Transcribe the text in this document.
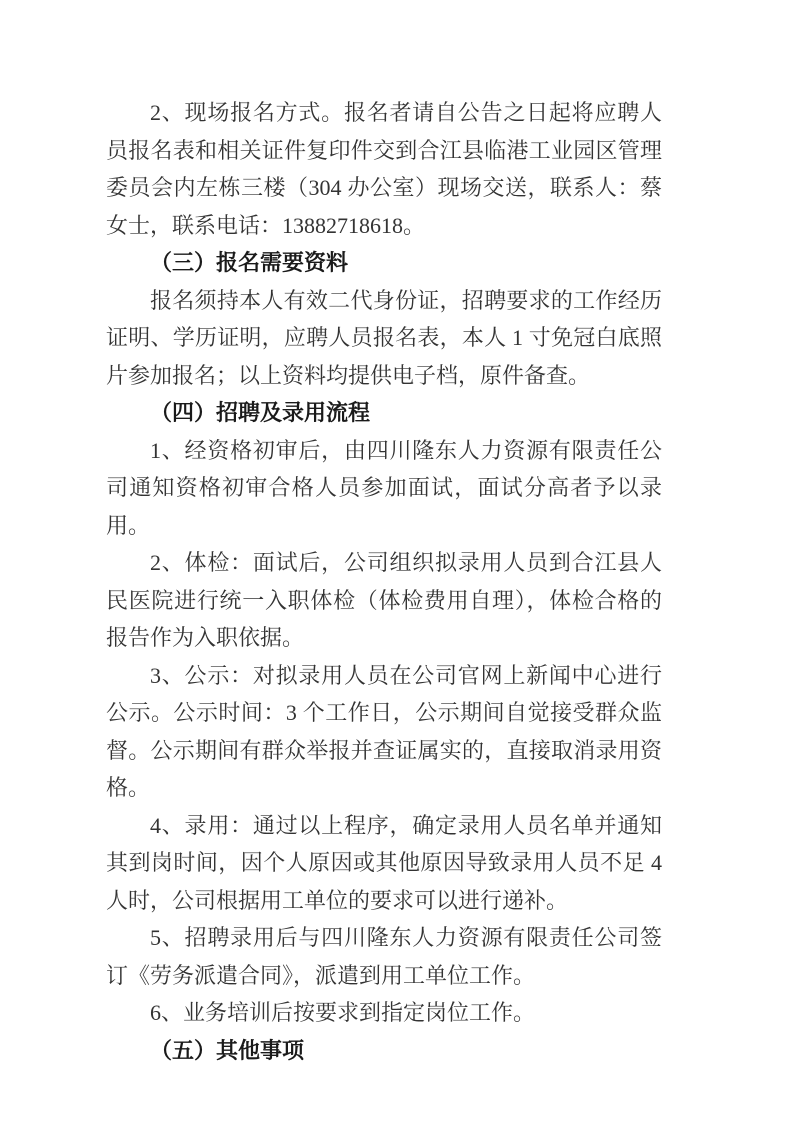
2、现场报名方式。报名者请自公告之日起将应聘人员报名表和相关证件复印件交到合江县临港工业园区管理委员会内左栋三楼（304 办公室）现场交送，联系人：蔡女士，联系电话：13882718618。

（三）报名需要资料

报名须持本人有效二代身份证，招聘要求的工作经历证明、学历证明，应聘人员报名表，本人 1 寸免冠白底照片参加报名；以上资料均提供电子档，原件备查。

（四）招聘及录用流程

1、经资格初审后，由四川隆东人力资源有限责任公司通知资格初审合格人员参加面试，面试分高者予以录用。

2、体检：面试后，公司组织拟录用人员到合江县人民医院进行统一入职体检（体检费用自理），体检合格的报告作为入职依据。

3、公示：对拟录用人员在公司官网上新闻中心进行公示。公示时间：3 个工作日，公示期间自觉接受群众监督。公示期间有群众举报并查证属实的，直接取消录用资格。

4、录用：通过以上程序，确定录用人员名单并通知其到岗时间，因个人原因或其他原因导致录用人员不足 4 人时，公司根据用工单位的要求可以进行递补。

5、招聘录用后与四川隆东人力资源有限责任公司签订《劳务派遣合同》，派遣到用工单位工作。

6、业务培训后按要求到指定岗位工作。

（五）其他事项
